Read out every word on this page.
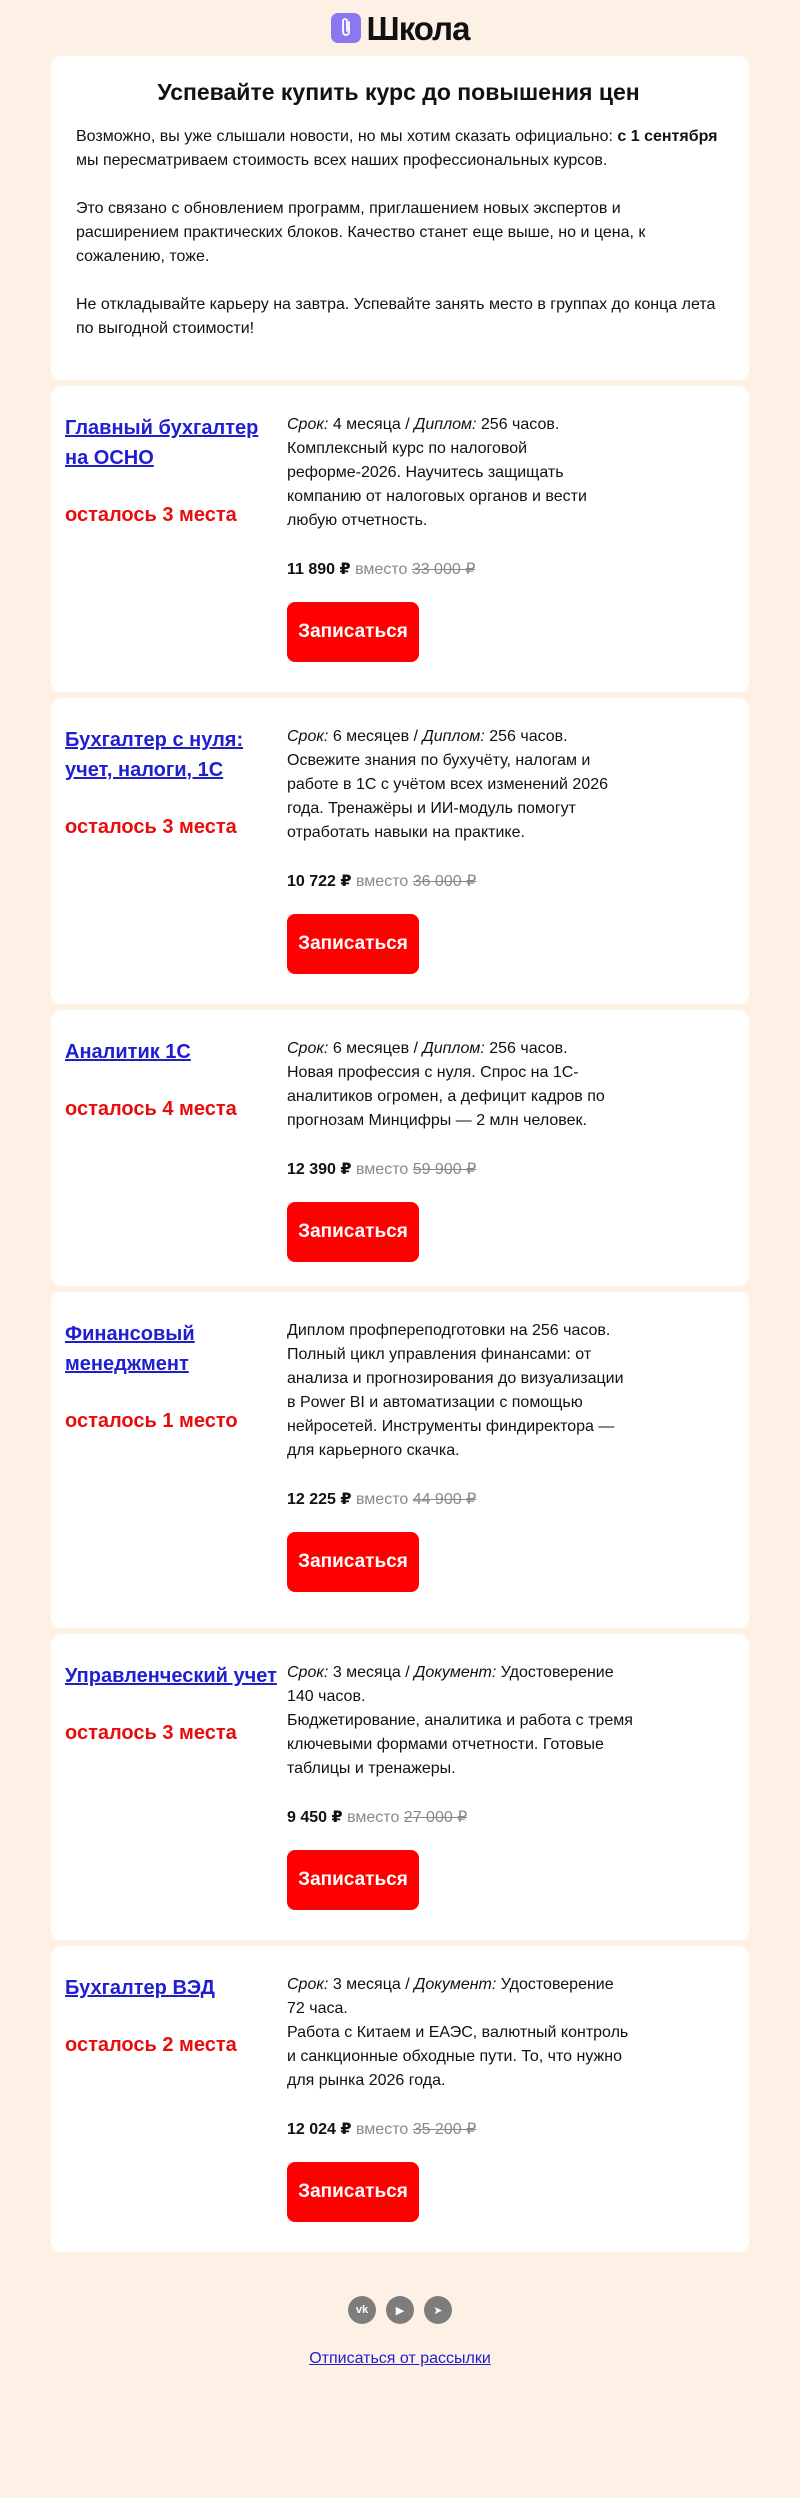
Школа
Успевайте купить курс до повышения цен

Возможно, вы уже слышали новости, но мы хотим сказать официально: с 1 сентября мы пересматриваем стоимость всех наших профессиональных курсов.

Это связано с обновлением программ, приглашением новых экспертов и расширением практических блоков. Качество станет еще выше, но и цена, к сожалению, тоже.

Не откладывайте карьеру на завтра. Успевайте занять место в группах до конца лета по выгодной стоимости!

Главный бухгалтер на ОСНО
осталось 3 места

Срок: 4 месяца / Диплом: 256 часов.
Комплексный курс по налоговой реформе-2026. Научитесь защищать компанию от налоговых органов и вести любую отчетность.

11 890 ₽ вместо 33 000 ₽
Записаться
Бухгалтер с нуля: учет, налоги, 1С
осталось 3 места

Срок: 6 месяцев / Диплом: 256 часов.
Освежите знания по бухучёту, налогам и работе в 1С с учётом всех изменений 2026 года. Тренажёры и ИИ-модуль помогут отработать навыки на практике.

10 722 ₽ вместо 36 000 ₽
Записаться
Аналитик 1С
осталось 4 места

Срок: 6 месяцев / Диплом: 256 часов.
Новая профессия с нуля. Спрос на 1С-аналитиков огромен, а дефицит кадров по прогнозам Минцифры — 2 млн человек.

12 390 ₽ вместо 59 900 ₽
Записаться
Финансовый менеджмент
осталось 1 место

Диплом профпереподготовки на 256 часов. Полный цикл управления финансами: от анализа и прогнозирования до визуализации в Power BI и автоматизации с помощью нейросетей. Инструменты финдиректора — для карьерного скачка.

12 225 ₽ вместо 44 900 ₽
Записаться
Управленческий учет
осталось 3 места

Срок: 3 месяца / Документ: Удостоверение 140 часов.
Бюджетирование, аналитика и работа с тремя ключевыми формами отчетности. Готовые таблицы и тренажеры.

9 450 ₽ вместо 27 000 ₽
Записаться
Бухгалтер ВЭД
осталось 2 места

Срок: 3 месяца / Документ: Удостоверение 72 часа.
Работа с Китаем и ЕАЭС, валютный контроль и санкционные обходные пути. То, что нужно для рынка 2026 года.

12 024 ₽ вместо 35 200 ₽
Записаться
vk	▶	➤
Отписаться от рассылки
